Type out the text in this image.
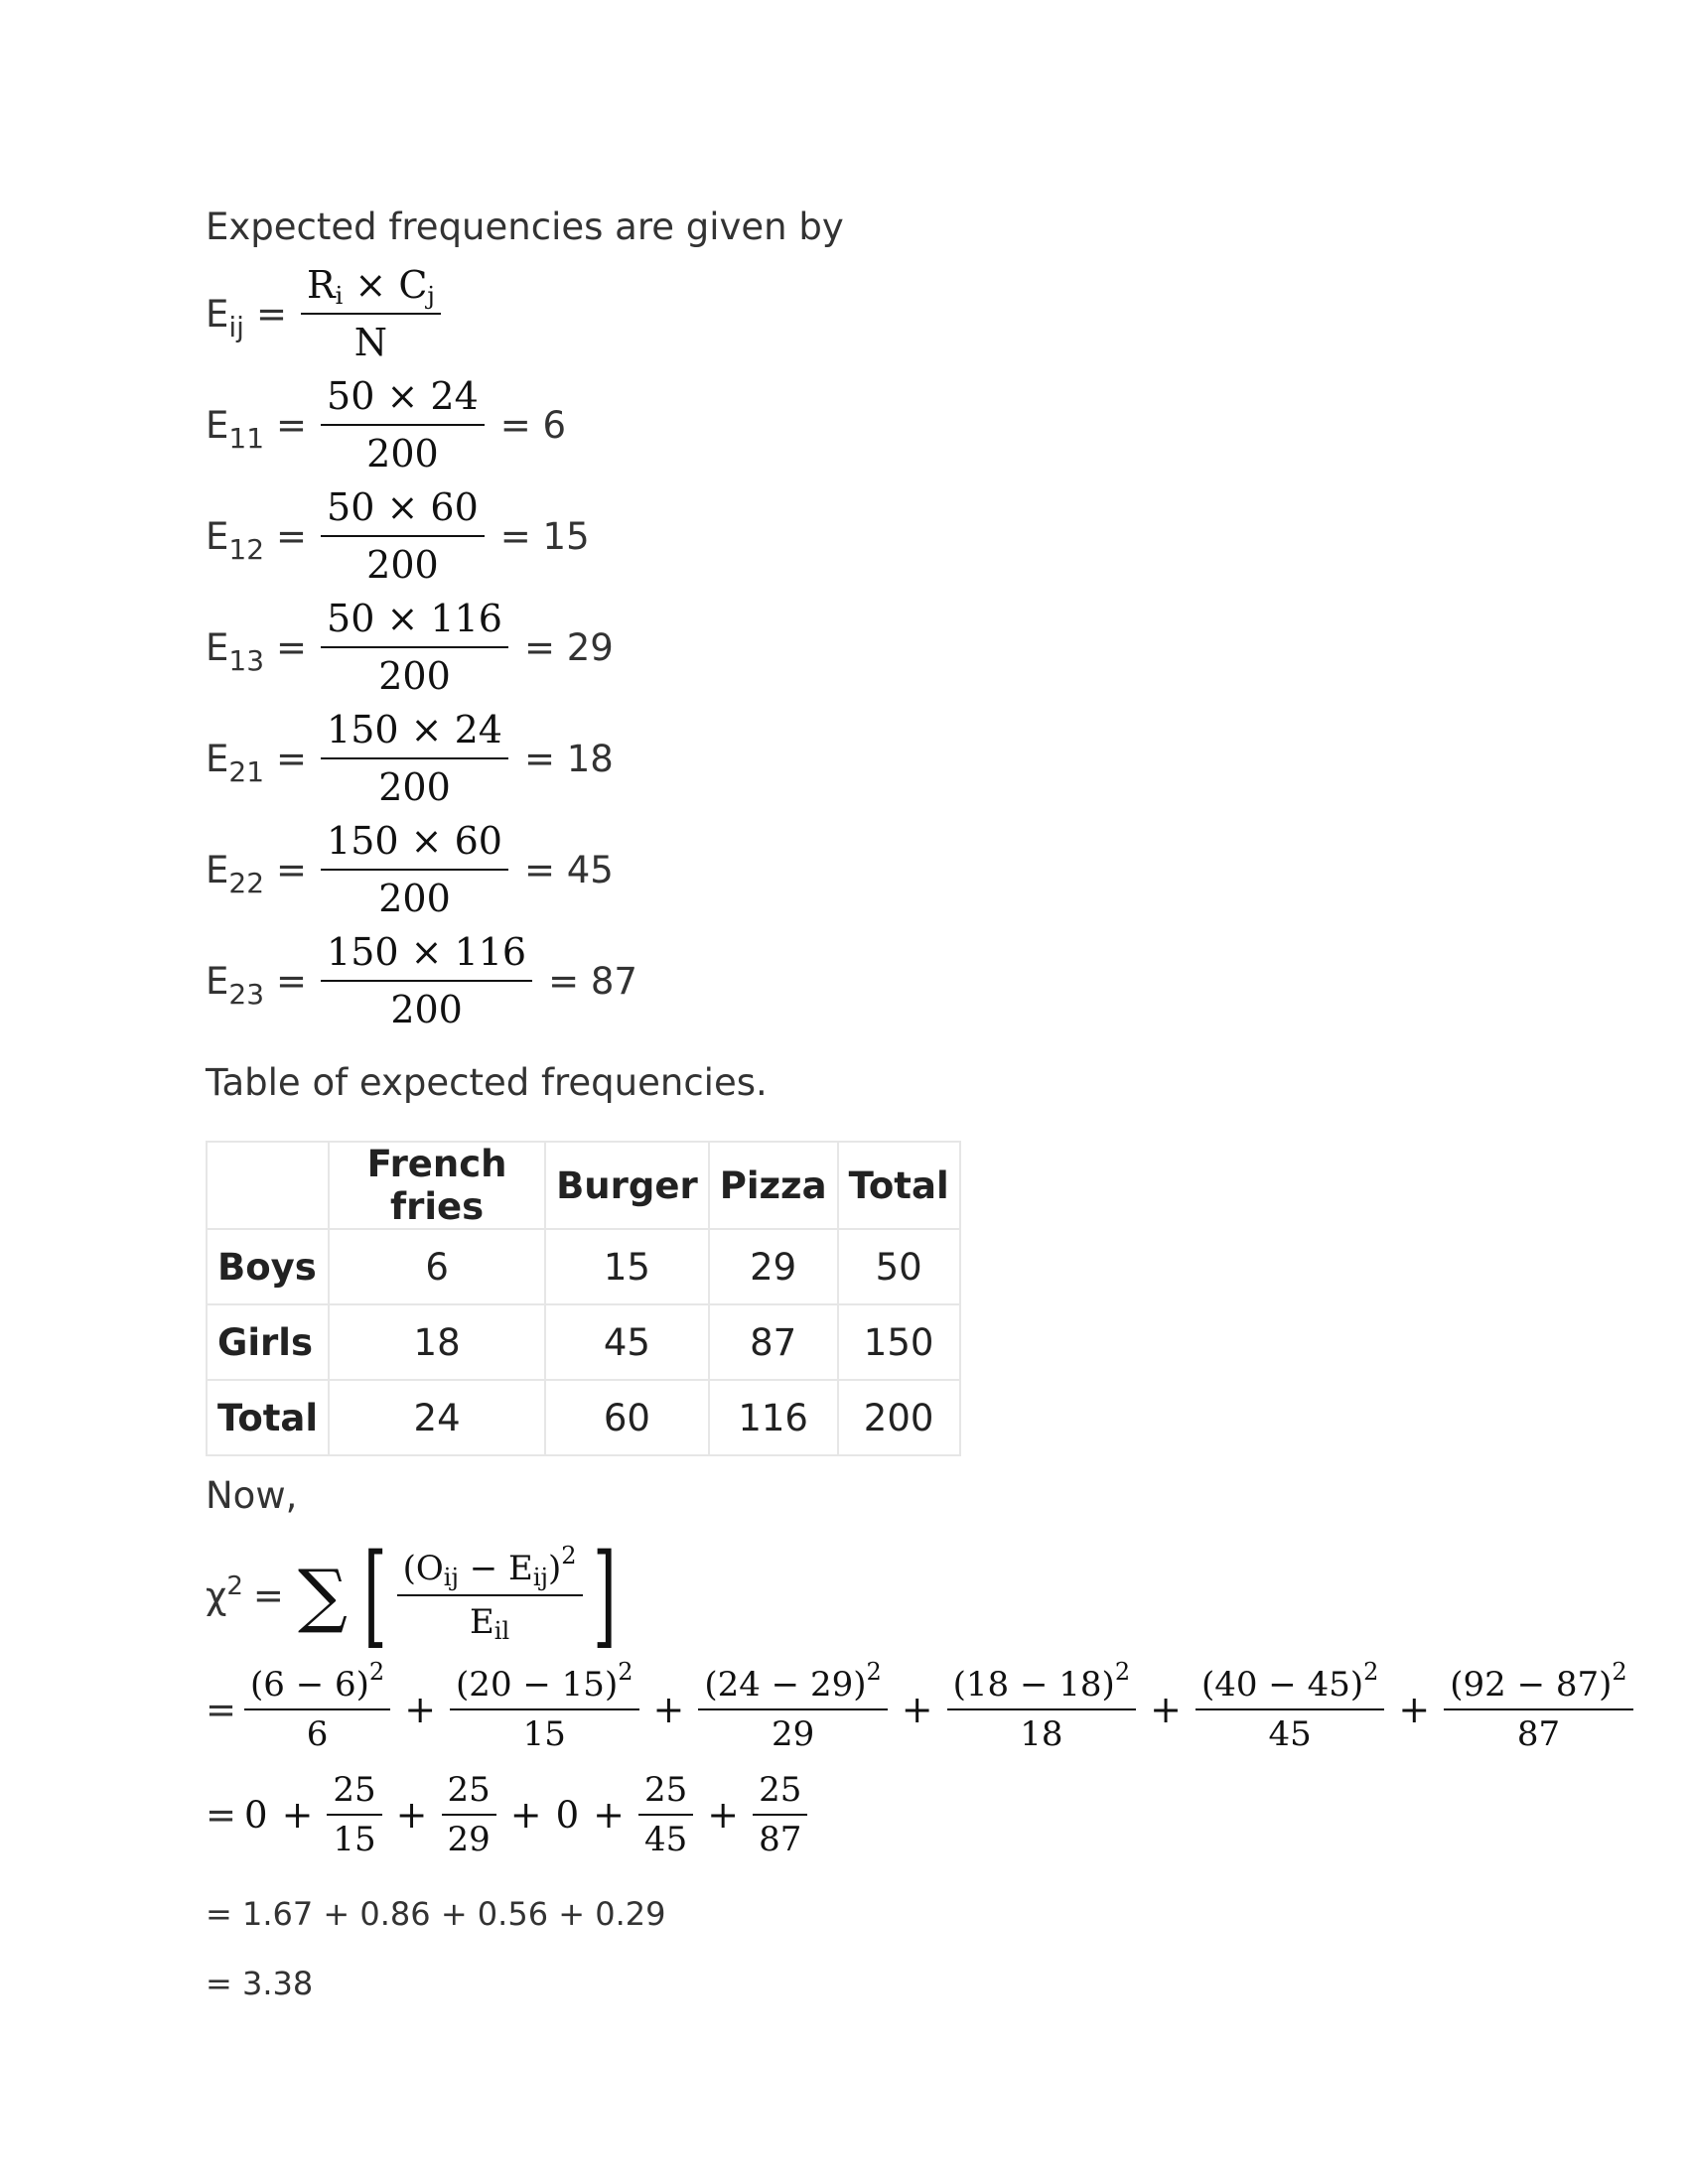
Expected frequencies are given by

$E_{ij} = \frac{R_i \times C_j}{N}$
$E_{11} = \frac{50 \times 24}{200} = 6$
$E_{12} = \frac{50 \times 60}{200} = 15$
$E_{13} = \frac{50 \times 116}{200} = 29$
$E_{21} = \frac{150 \times 24}{200} = 18$
$E_{22} = \frac{150 \times 60}{200} = 45$
$E_{23} = \frac{150 \times 116}{200} = 87$

Table of expected frequencies.

	French fries	Burger	Pizza	Total
Boys	6	15	29	50
Girls	18	45	87	150
Total	24	60	116	200

Now,

$\chi^2$ = ∑ [ $\frac{(Oij - Eij)^2}{\text{Eil}}$ ]
= $\frac{(6 - 6)^2}{6} + \frac{(20 - 15)^2}{15} + \frac{(24 - 29)^2}{29} + \frac{(18 - 18)^2}{18} + \frac{(40 - 45)^2}{45} + \frac{(92 - 87)^2}{87}$
= $0 + \frac{25}{15} + \frac{25}{29} + 0 + \frac{25}{45} + \frac{25}{87}$

= 1.67 + 0.86 + 0.56 + 0.29

= 3.38
